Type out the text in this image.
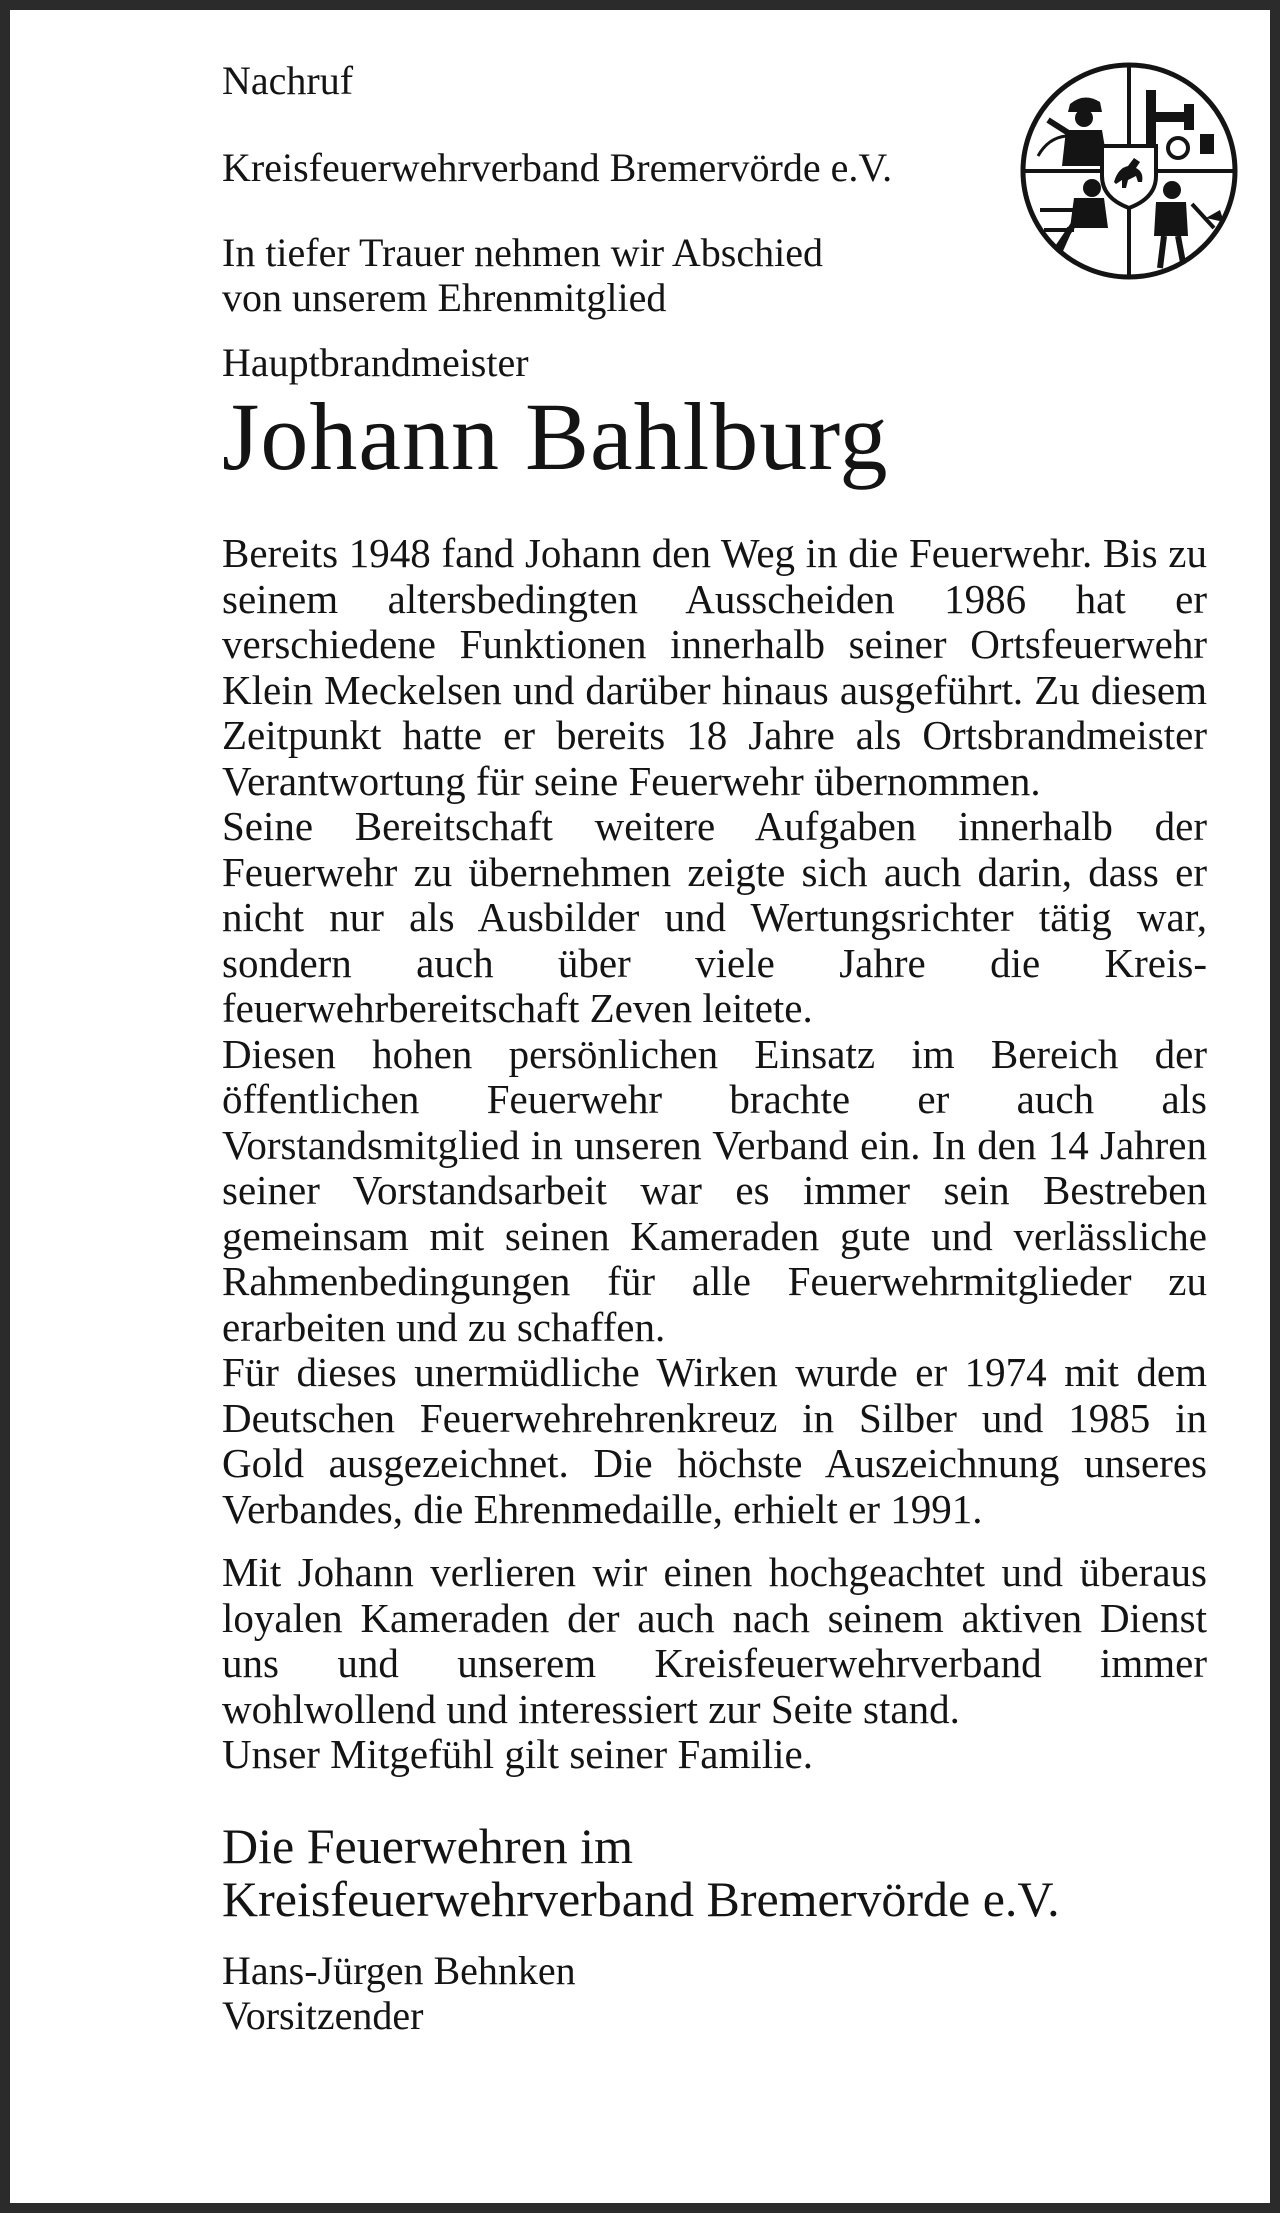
Nachruf

Kreisfeuerwehrverband Bremervörde e.V.

In tiefer Trauer nehmen wir Abschied

von unserem Ehrenmitglied

Hauptbrandmeister

Johann Bahlburg

Bereits 1948 fand Johann den Weg in die Feuerwehr. Bis zu seinem altersbedingten Ausscheiden 1986 hat er verschiedene Funktionen innerhalb seiner Ortsfeuerwehr Klein Meckelsen und darüber hinaus ausgeführt. Zu diesem Zeitpunkt hatte er bereits 18 Jahre als Ortsbrandmeister Verantwortung für seine Feuerwehr übernommen.

Seine Bereitschaft weitere Aufgaben innerhalb der Feuerwehr zu übernehmen zeigte sich auch darin, dass er nicht nur als Ausbilder und Wertungsrichter tätig war, sondern auch über viele Jahre die Kreisfeuerwehrbereitschaft Zeven leitete.

Diesen hohen persönlichen Einsatz im Bereich der öffentlichen Feuerwehr brachte er auch als Vorstandsmitglied in unseren Verband ein. In den 14 Jahren seiner Vorstandsarbeit war es immer sein Bestreben gemeinsam mit seinen Kameraden gute und verlässliche Rahmenbedingungen für alle Feuerwehrmitglieder zu erarbeiten und zu schaffen.

Für dieses unermüdliche Wirken wurde er 1974 mit dem Deutschen Feuerwehrehrenkreuz in Silber und 1985 in Gold ausgezeichnet. Die höchste Auszeichnung unseres Verbandes, die Ehrenmedaille, erhielt er 1991.

Mit Johann verlieren wir einen hochgeachtet und überaus loyalen Kameraden der auch nach seinem aktiven Dienst uns und unserem Kreisfeuerwehrverband immer wohlwollend und interessiert zur Seite stand.

Unser Mitgefühl gilt seiner Familie.

Die Feuerwehren im
Kreisfeuerwehrverband Bremervörde e.V.
Hans-Jürgen Behnken
Vorsitzender
